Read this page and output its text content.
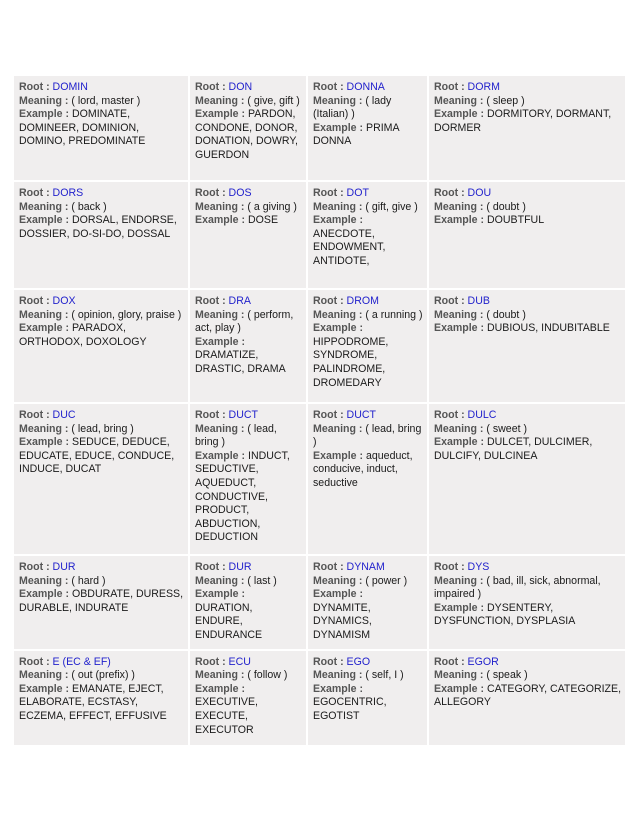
Root : DOMIN
Meaning : ( lord, master )
Example : DOMINATE, DOMINEER, DOMINION, DOMINO, PREDOMINATE	Root : DON
Meaning : ( give, gift )
Example : PARDON, CONDONE, DONOR, DONATION, DOWRY, GUERDON	Root : DONNA
Meaning : ( lady (Italian) )
Example : PRIMA DONNA	Root : DORM
Meaning : ( sleep )
Example : DORMITORY, DORMANT, DORMER

Root : DORS
Meaning : ( back )
Example : DORSAL, ENDORSE, DOSSIER, DO-SI-DO, DOSSAL	Root : DOS
Meaning : ( a giving )
Example : DOSE	Root : DOT
Meaning : ( gift, give )
Example : ANECDOTE, ENDOWMENT, ANTIDOTE,	Root : DOU
Meaning : ( doubt )
Example : DOUBTFUL

Root : DOX
Meaning : ( opinion, glory, praise )
Example : PARADOX, ORTHODOX, DOXOLOGY	Root : DRA
Meaning : ( perform, act, play )
Example : DRAMATIZE, DRASTIC, DRAMA	Root : DROM
Meaning : ( a running )
Example : HIPPODROME, SYNDROME, PALINDROME, DROMEDARY	Root : DUB
Meaning : ( doubt )
Example : DUBIOUS, INDUBITABLE

Root : DUC
Meaning : ( lead, bring )
Example : SEDUCE, DEDUCE, EDUCATE, EDUCE, CONDUCE, INDUCE, DUCAT	Root : DUCT
Meaning : ( lead, bring )
Example : INDUCT, SEDUCTIVE, AQUEDUCT, CONDUCTIVE, PRODUCT, ABDUCTION, DEDUCTION	Root : DUCT
Meaning : ( lead, bring )
Example : aqueduct, conducive, induct, seductive	Root : DULC
Meaning : ( sweet )
Example : DULCET, DULCIMER, DULCIFY, DULCINEA

Root : DUR
Meaning : ( hard )
Example : OBDURATE, DURESS, DURABLE, INDURATE	Root : DUR
Meaning : ( last )
Example : DURATION, ENDURE, ENDURANCE	Root : DYNAM
Meaning : ( power )
Example : DYNAMITE, DYNAMICS, DYNAMISM	Root : DYS
Meaning : ( bad, ill, sick, abnormal, impaired )
Example : DYSENTERY, DYSFUNCTION, DYSPLASIA

Root : E (EC & EF)
Meaning : ( out (prefix) )
Example : EMANATE, EJECT, ELABORATE, ECSTASY, ECZEMA, EFFECT, EFFUSIVE	Root : ECU
Meaning : ( follow )
Example : EXECUTIVE, EXECUTE, EXECUTOR	Root : EGO
Meaning : ( self, I )
Example : EGOCENTRIC, EGOTIST	Root : EGOR
Meaning : ( speak )
Example : CATEGORY, CATEGORIZE, ALLEGORY
